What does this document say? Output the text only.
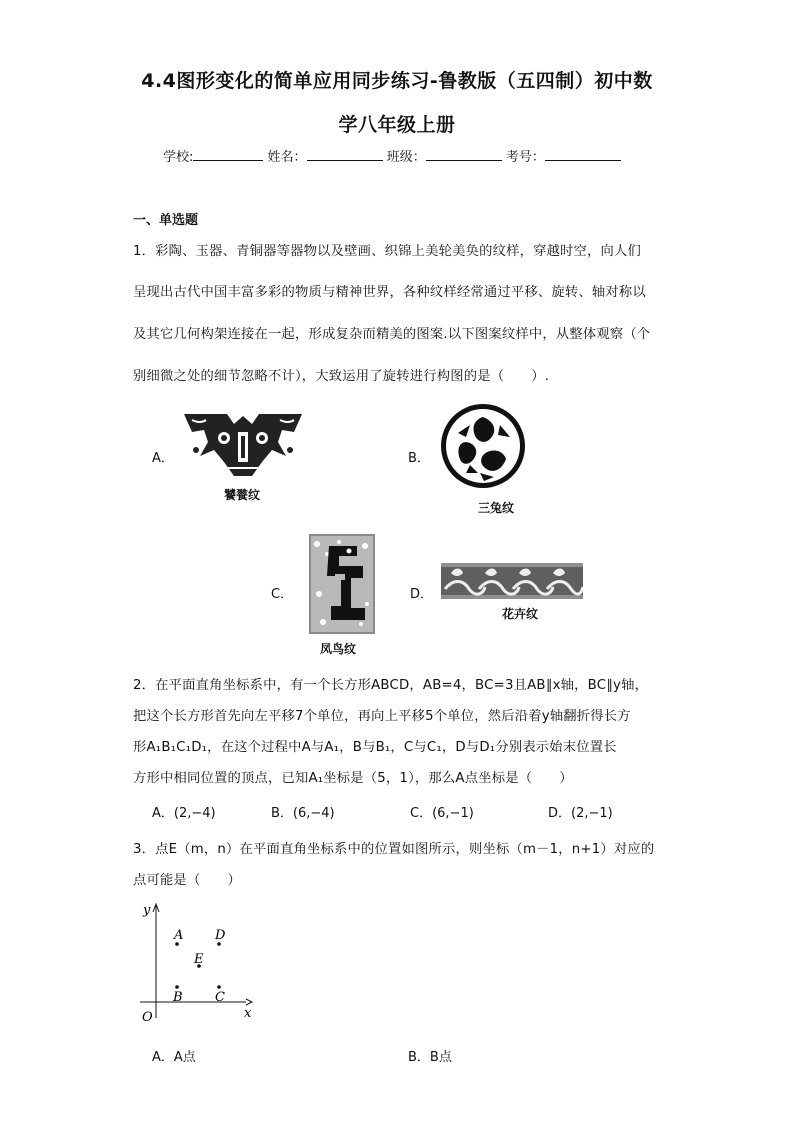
4.4图形变化的简单应用同步练习-鲁教版（五四制）初中数
学八年级上册
学校:	姓名：	班级：	考号：
一、单选题
1．彩陶、玉器、青铜器等器物以及壁画、织锦上美轮美奂的纹样，穿越时空，向人们
呈现出古代中国丰富多彩的物质与精神世界，各种纹样经常通过平移、旋转、轴对称以
及其它几何构架连接在一起，形成复杂而精美的图案.以下图案纹样中，从整体观察（个
别细微之处的细节忽略不计），大致运用了旋转进行构图的是（　　）.
A．
饕餮纹
B．
三兔纹
C．
凤鸟纹
D．
花卉纹
2．在平面直角坐标系中，有一个长方形ABCD，AB=4，BC=3且AB∥x轴，BC∥y轴，
把这个长方形首先向左平移7个单位，再向上平移5个单位，然后沿着y轴翻折得长方
形A₁B₁C₁D₁，在这个过程中A与A₁，B与B₁，C与C₁，D与D₁分别表示始末位置长
方形中相同位置的顶点，已知A₁坐标是（5，1），那么A点坐标是（　　）
A．(2,−4)	B．(6,−4)	C．(6,−1)	D．(2,−1)
3．点E（m，n）在平面直角坐标系中的位置如图所示，则坐标（m－1，n+1）对应的
点可能是（　　）
x
y
O
A D
E
B C
A．A点	B．B点
